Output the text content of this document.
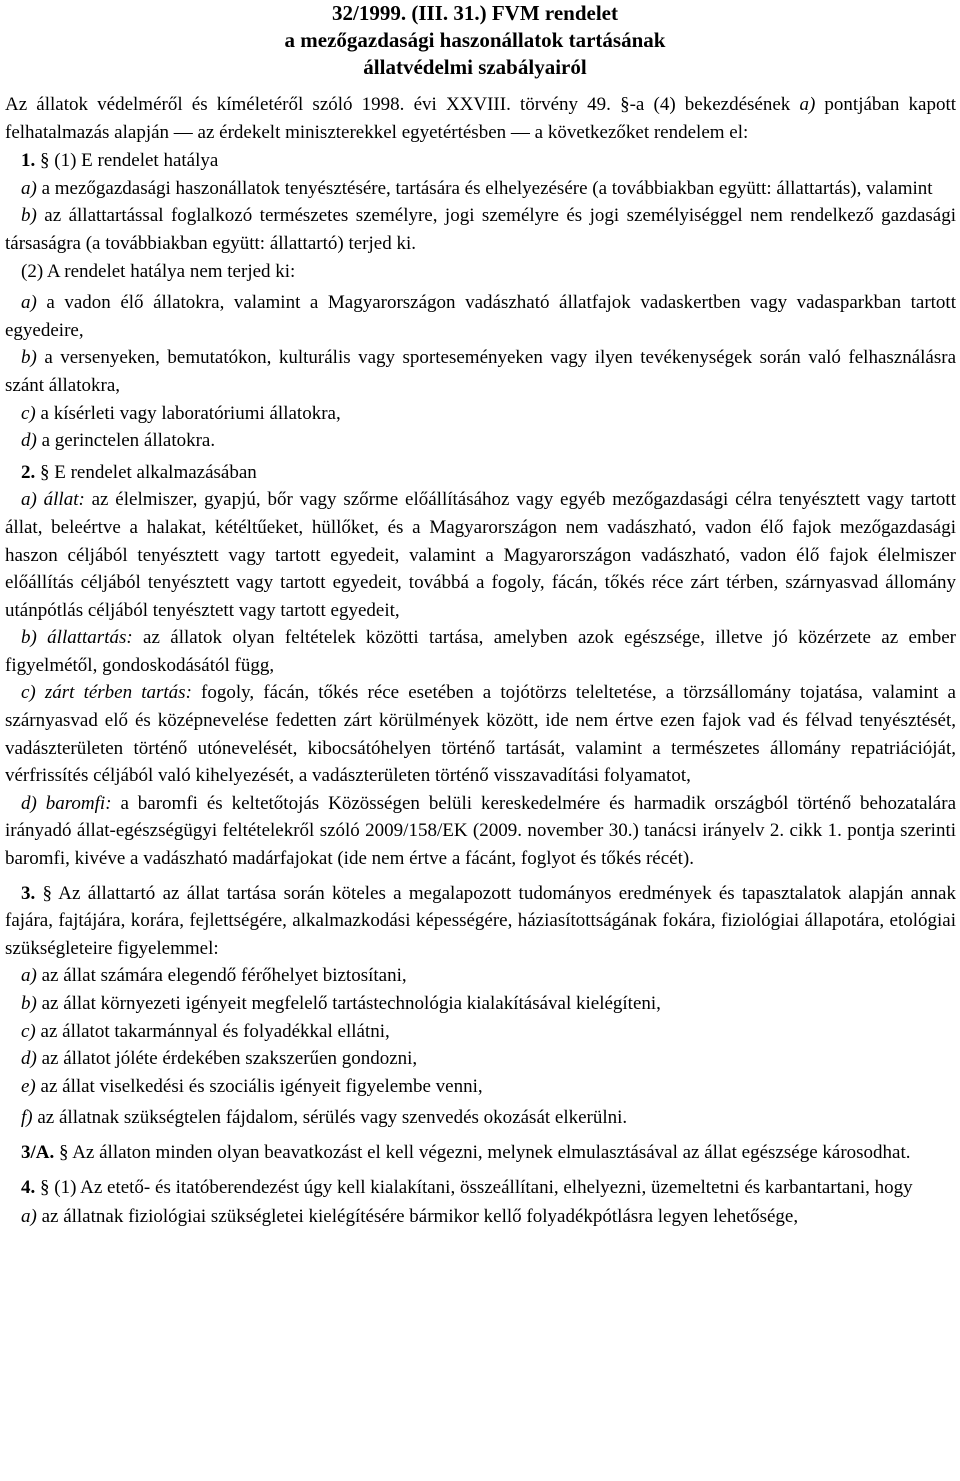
32/1999. (III. 31.) FVM rendelet
a mezőgazdasági haszonállatok tartásának
állatvédelmi szabályairól

Az állatok védelméről és kíméletéről szóló 1998. évi XXVIII. törvény 49. §-a (4) bekezdésének a) pontjában kapott felhatalmazás alapján — az érdekelt miniszterekkel egyetértésben — a következőket rendelem el:

1. § (1) E rendelet hatálya

a) a mezőgazdasági haszonállatok tenyésztésére, tartására és elhelyezésére (a továbbiakban együtt: állattartás), valamint

b) az állattartással foglalkozó természetes személyre, jogi személyre és jogi személyiséggel nem rendelkező gazdasági társaságra (a továbbiakban együtt: állattartó) terjed ki.

(2) A rendelet hatálya nem terjed ki:

a) a vadon élő állatokra, valamint a Magyarországon vadászható állatfajok vadaskertben vagy vadasparkban tartott egyedeire,

b) a versenyeken, bemutatókon, kulturális vagy sporteseményeken vagy ilyen tevékenységek során való felhasználásra szánt állatokra,

c) a kísérleti vagy laboratóriumi állatokra,

d) a gerinctelen állatokra.

2. § E rendelet alkalmazásában

a) állat: az élelmiszer, gyapjú, bőr vagy szőrme előállításához vagy egyéb mezőgazdasági célra tenyésztett vagy tartott állat, beleértve a halakat, kétéltűeket, hüllőket, és a Magyarországon nem vadászható, vadon élő fajok mezőgazdasági haszon céljából tenyésztett vagy tartott egyedeit, valamint a Magyarországon vadászható, vadon élő fajok élelmiszer előállítás céljából tenyésztett vagy tartott egyedeit, továbbá a fogoly, fácán, tőkés réce zárt térben, szárnyasvad állomány utánpótlás céljából tenyésztett vagy tartott egyedeit,

b) állattartás: az állatok olyan feltételek közötti tartása, amelyben azok egészsége, illetve jó közérzete az ember figyelmétől, gondoskodásától függ,

c) zárt térben tartás: fogoly, fácán, tőkés réce esetében a tojótörzs teleltetése, a törzsállomány tojatása, valamint a szárnyasvad elő és középnevelése fedetten zárt körülmények között, ide nem értve ezen fajok vad és félvad tenyésztését, vadászterületen történő utónevelését, kibocsátóhelyen történő tartását, valamint a természetes állomány repatriációját, vérfrissítés céljából való kihelyezését, a vadászterületen történő visszavadítási folyamatot,

d) baromfi: a baromfi és keltetőtojás Közösségen belüli kereskedelmére és harmadik országból történő behozatalára irányadó állat-egészségügyi feltételekről szóló 2009/158/EK (2009. november 30.) tanácsi irányelv 2. cikk 1. pontja szerinti baromfi, kivéve a vadászható madárfajokat (ide nem értve a fácánt, foglyot és tőkés récét).

3. § Az állattartó az állat tartása során köteles a megalapozott tudományos eredmények és tapasztalatok alapján annak fajára, fajtájára, korára, fejlettségére, alkalmazkodási képességére, háziasítottságának fokára, fiziológiai állapotára, etológiai szükségleteire figyelemmel:

a) az állat számára elegendő férőhelyet biztosítani,

b) az állat környezeti igényeit megfelelő tartástechnológia kialakításával kielégíteni,

c) az állatot takarmánnyal és folyadékkal ellátni,

d) az állatot jóléte érdekében szakszerűen gondozni,

e) az állat viselkedési és szociális igényeit figyelembe venni,

f) az állatnak szükségtelen fájdalom, sérülés vagy szenvedés okozását elkerülni.

3/A. § Az állaton minden olyan beavatkozást el kell végezni, melynek elmulasztásával az állat egészsége károsodhat.

4. § (1) Az etető- és itatóberendezést úgy kell kialakítani, összeállítani, elhelyezni, üzemeltetni és karbantartani, hogy

a) az állatnak fiziológiai szükségletei kielégítésére bármikor kellő folyadékpótlásra legyen lehetősége,
